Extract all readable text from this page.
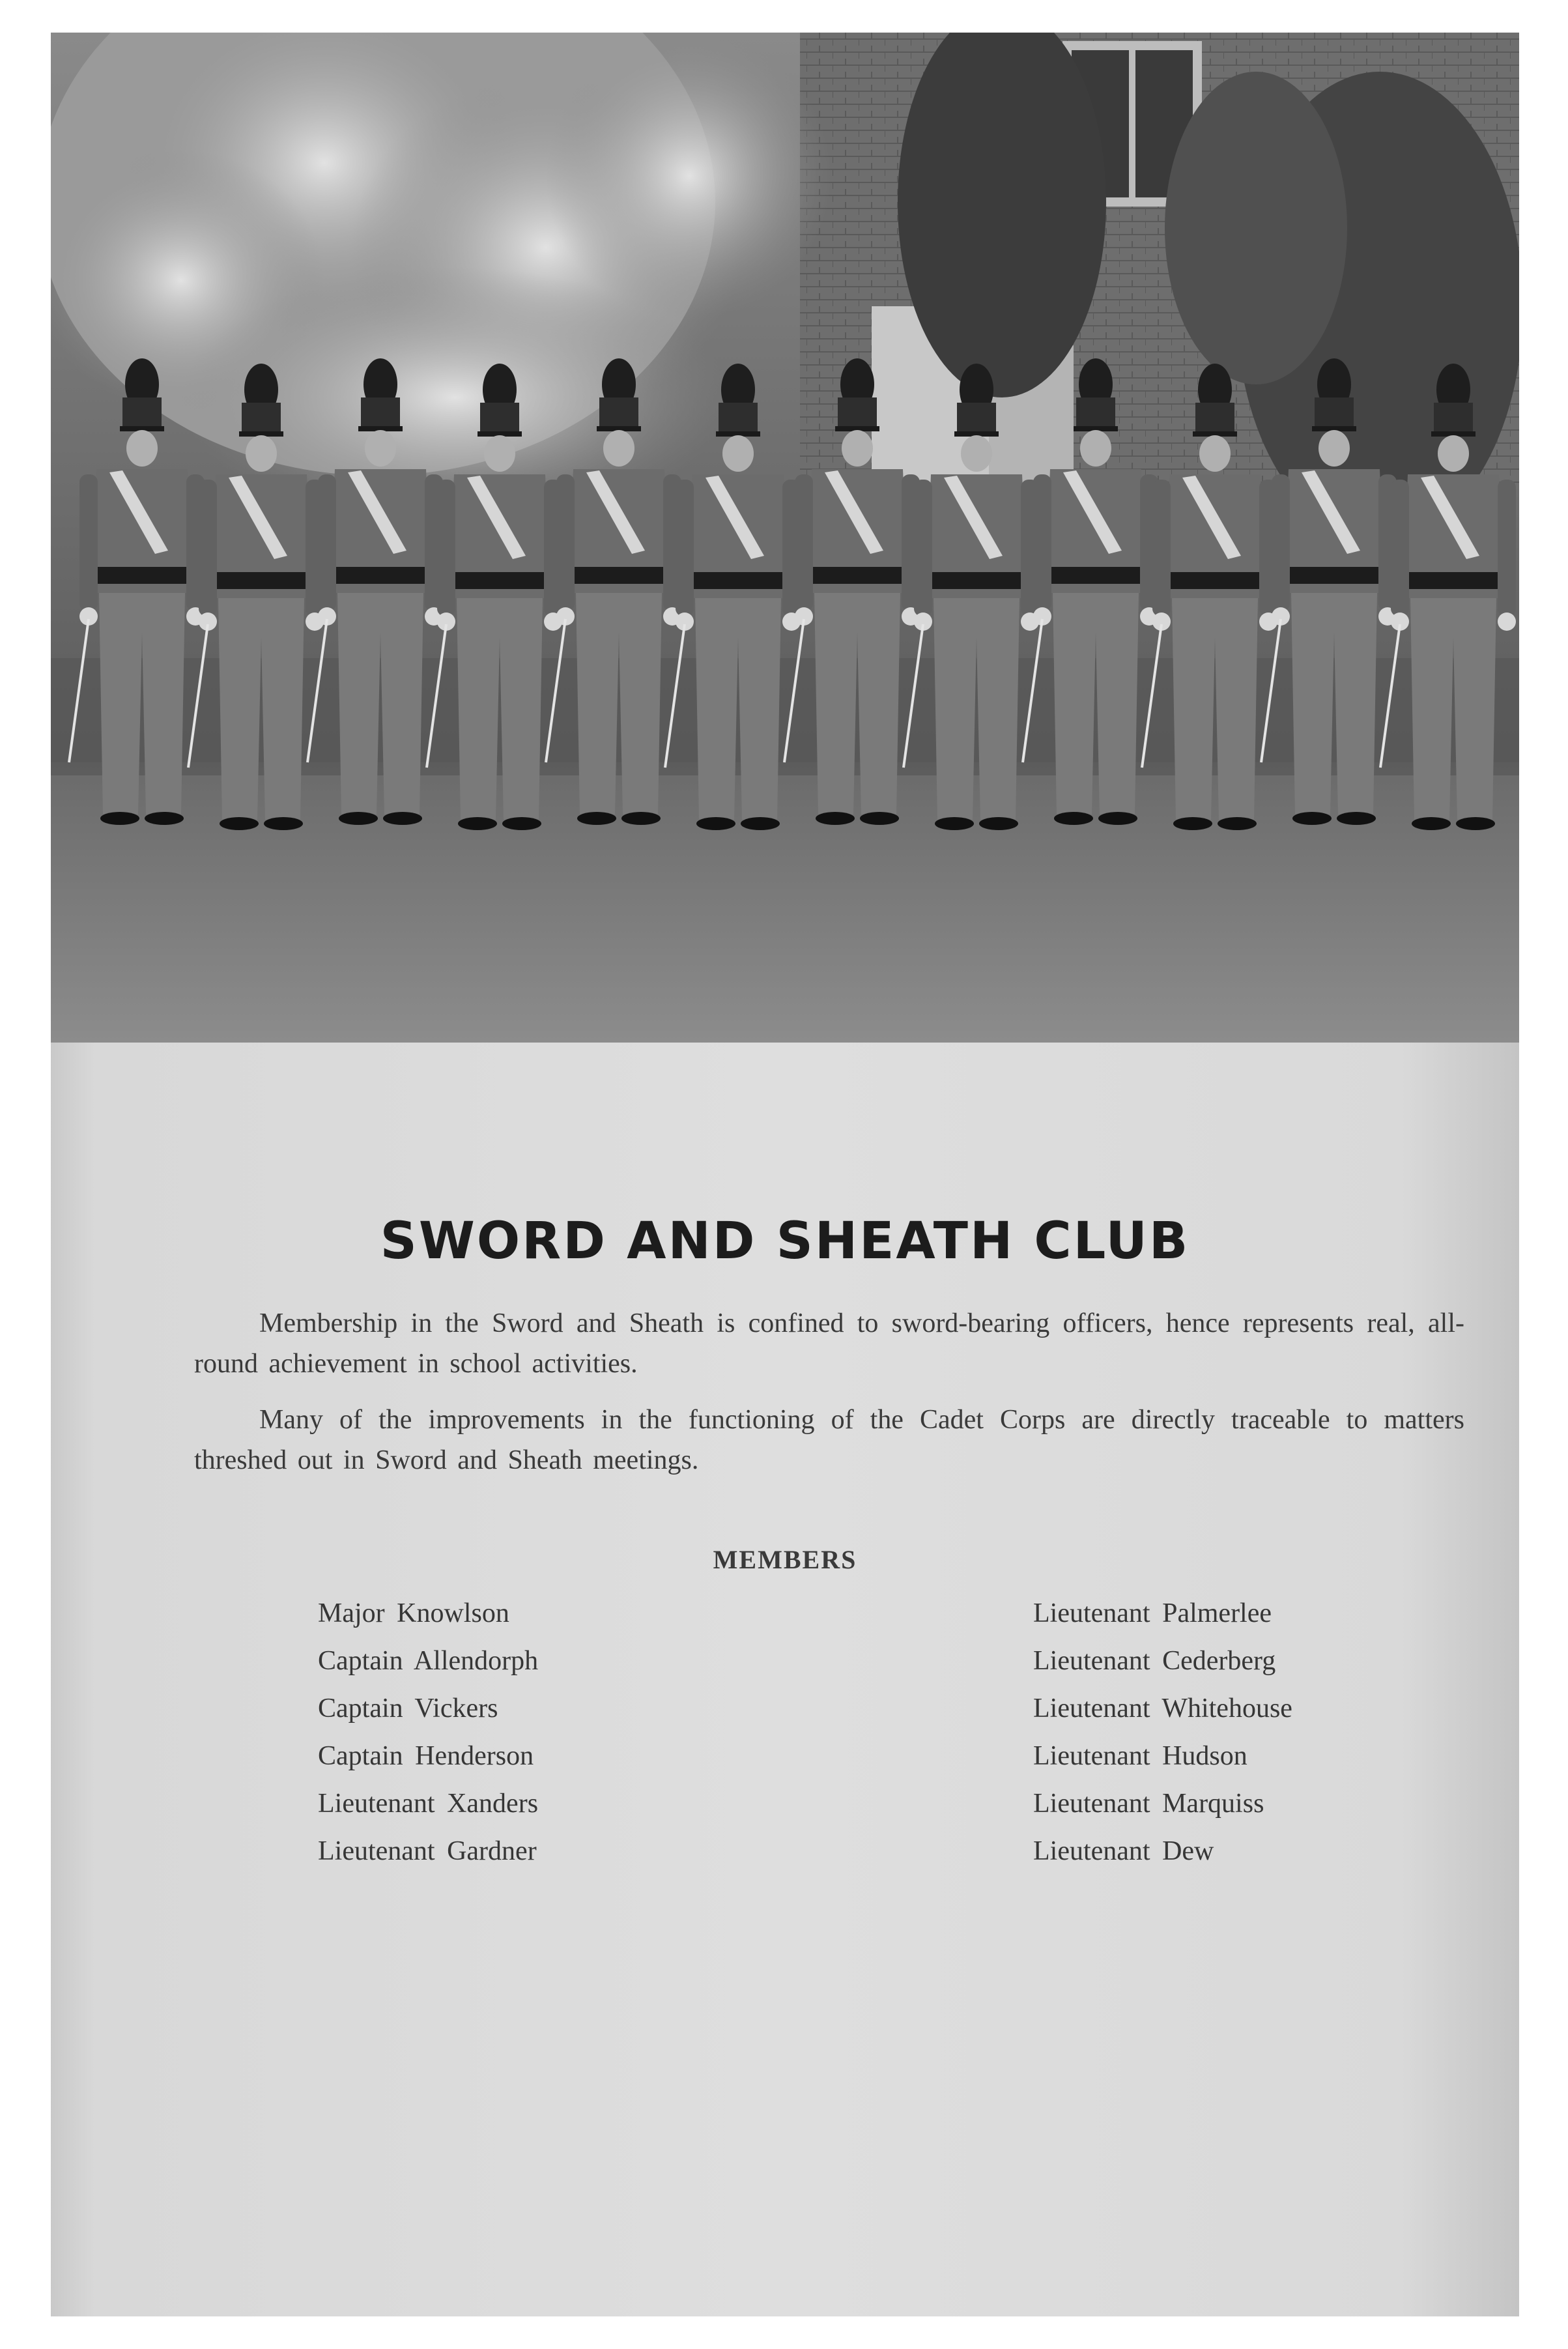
SWORD AND SHEATH CLUB

Membership in the Sword and Sheath is confined to sword-bearing officers, hence represents real, all-round achievement in school activities.

Many of the improvements in the functioning of the Cadet Corps are directly traceable to matters threshed out in Sword and Sheath meetings.

MEMBERS
Major Knowlson
Captain Allendorph
Captain Vickers
Captain Henderson
Lieutenant Xanders
Lieutenant Gardner
Lieutenant Palmerlee
Lieutenant Cederberg
Lieutenant Whitehouse
Lieutenant Hudson
Lieutenant Marquiss
Lieutenant Dew
